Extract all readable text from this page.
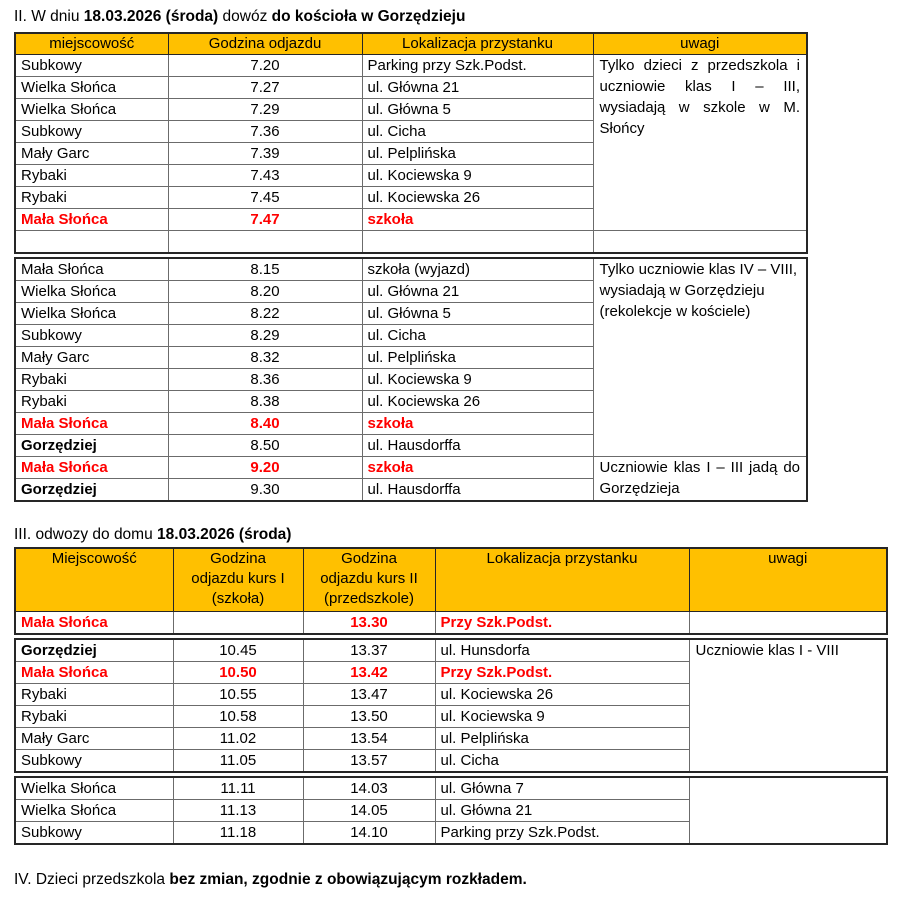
II. W dniu 18.03.2026 (środa) dowóz do kościoła w Gorzędzieju

miejscowość	Godzina odjazdu	Lokalizacja przystanku	uwagi
Subkowy	7.20	Parking przy Szk.Podst.	Tylko dzieci z przedszkola i uczniowie klas I – III, wysiadają w szkole w M. Słońcy
Wielka Słońca	7.27	ul. Główna 21	
Wielka Słońca	7.29	ul. Główna 5	
Subkowy	7.36	ul. Cicha	
Mały Garc	7.39	ul. Pelplińska	
Rybaki	7.43	ul. Kociewska 9	
Rybaki	7.45	ul. Kociewska 26	
Mała Słońca	7.47	szkoła	

Mała Słońca	8.15	szkoła (wyjazd)	Tylko uczniowie klas IV – VIII, wysiadają w Gorzędzieju (rekolekcje w kościele)
Wielka Słońca	8.20	ul. Główna 21	
Wielka Słońca	8.22	ul. Główna 5	
Subkowy	8.29	ul. Cicha	
Mały Garc	8.32	ul. Pelplińska	
Rybaki	8.36	ul. Kociewska 9	
Rybaki	8.38	ul. Kociewska 26	
Mała Słońca	8.40	szkoła	
Gorzędziej	8.50	ul. Hausdorffa	
Mała Słońca	9.20	szkoła	Uczniowie klas I – III jadą do Gorzędzieja
Gorzędziej	9.30	ul. Hausdorffa	

III. odwozy do domu 18.03.2026 (środa)

Miejscowość	Godzina
odjazdu kurs I
(szkoła)	Godzina
odjazdu kurs II
(przedszkole)	Lokalizacja przystanku	uwagi
Mała Słońca		13.30	Przy Szk.Podst.	
Gorzędziej	10.45	13.37	ul. Hunsdorfa	Uczniowie klas I - VIII
Mała Słońca	10.50	13.42	Przy Szk.Podst.	
Rybaki	10.55	13.47	ul. Kociewska 26	
Rybaki	10.58	13.50	ul. Kociewska 9	
Mały Garc	11.02	13.54	ul. Pelplińska	
Subkowy	11.05	13.57	ul. Cicha	
Wielka Słońca	11.11	14.03	ul. Główna 7	
Wielka Słońca	11.13	14.05	ul. Główna 21	
Subkowy	11.18	14.10	Parking przy Szk.Podst.	

IV. Dzieci przedszkola bez zmian, zgodnie z obowiązującym rozkładem.
